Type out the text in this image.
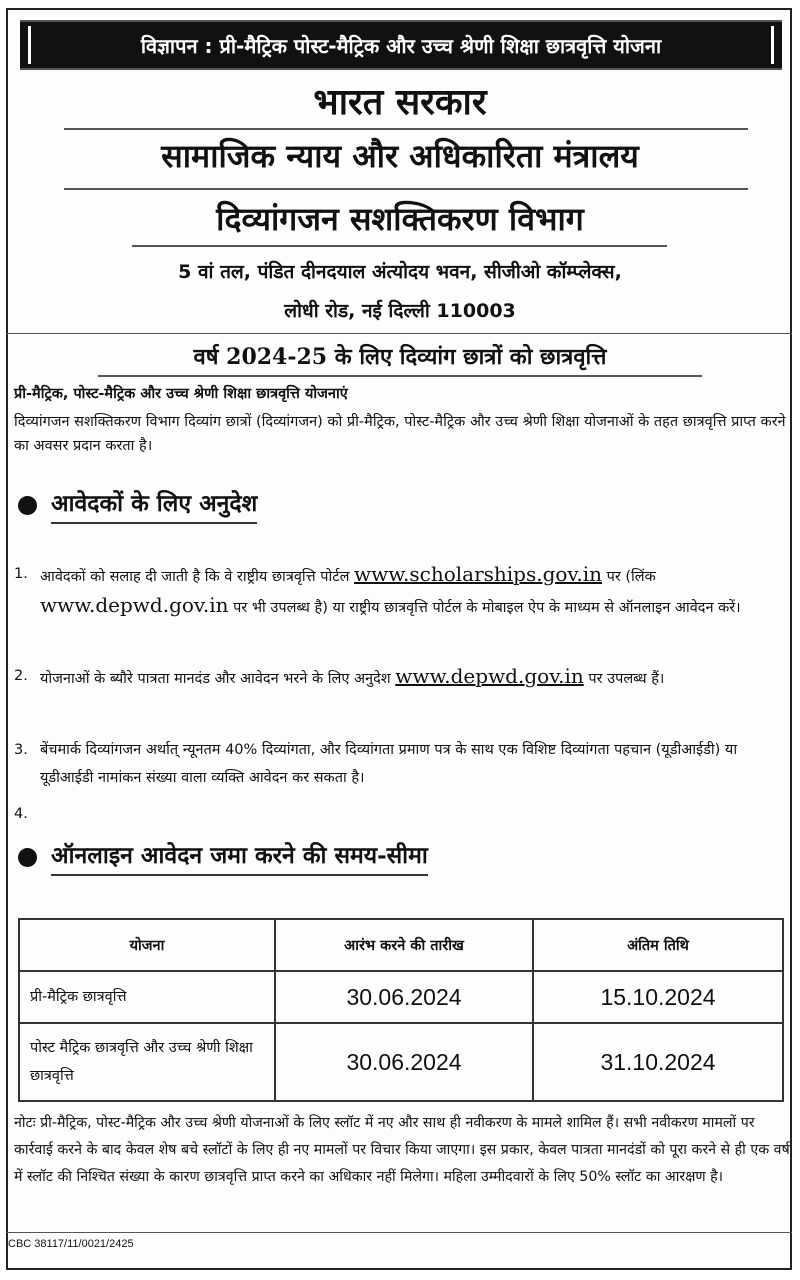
विज्ञापन : प्री-मैट्रिक पोस्ट-मैट्रिक और उच्च श्रेणी शिक्षा छात्रवृत्ति योजना
भारत सरकार
सामाजिक न्याय और अधिकारिता मंत्रालय
दिव्यांगजन सशक्तिकरण विभाग
5 वां तल, पंडित दीनदयाल अंत्योदय भवन, सीजीओ कॉम्प्लेक्स,
लोधी रोड, नई दिल्ली 110003
वर्ष 2024-25 के लिए दिव्यांग छात्रों को छात्रवृत्ति
प्री-मैट्रिक, पोस्ट-मैट्रिक और उच्च श्रेणी शिक्षा छात्रवृत्ति योजनाएं
दिव्यांगजन सशक्तिकरण विभाग दिव्यांग छात्रों (दिव्यांगजन) को प्री-मैट्रिक, पोस्ट-मैट्रिक और उच्च श्रेणी शिक्षा योजनाओं के तहत छात्रवृत्ति प्राप्त करने का अवसर प्रदान करता है।
आवेदकों के लिए अनुदेश
1. आवेदकों को सलाह दी जाती है कि वे राष्ट्रीय छात्रवृत्ति पोर्टल www.scholarships.gov.in पर (लिंक www.depwd.gov.in पर भी उपलब्ध है) या राष्ट्रीय छात्रवृत्ति पोर्टल के मोबाइल ऐप के माध्यम से ऑनलाइन आवेदन करें।
2. योजनाओं के ब्यौरे पात्रता मानदंड और आवेदन भरने के लिए अनुदेश www.depwd.gov.in पर उपलब्ध हैं।
3. बेंचमार्क दिव्यांगजन अर्थात् न्यूनतम 40% दिव्यांगता, और दिव्यांगता प्रमाण पत्र के साथ एक विशिष्ट दिव्यांगता पहचान (यूडीआईडी) या यूडीआईडी नामांकन संख्या वाला व्यक्ति आवेदन कर सकता है।
4.
ऑनलाइन आवेदन जमा करने की समय-सीमा
योजना	आरंभ करने की तारीख	अंतिम तिथि
प्री-मैट्रिक छात्रवृत्ति	30.06.2024	15.10.2024
पोस्ट मैट्रिक छात्रवृत्ति और उच्च श्रेणी शिक्षा छात्रवृत्ति	30.06.2024	31.10.2024
नोटः प्री-मैट्रिक, पोस्ट-मैट्रिक और उच्च श्रेणी योजनाओं के लिए स्लॉट में नए और साथ ही नवीकरण के मामले शामिल हैं। सभी नवीकरण मामलों पर कार्रवाई करने के बाद केवल शेष बचे स्लॉटों के लिए ही नए मामलों पर विचार किया जाएगा। इस प्रकार, केवल पात्रता मानदंडों को पूरा करने से ही एक वर्ष में स्लॉट की निश्चित संख्या के कारण छात्रवृत्ति प्राप्त करने का अधिकार नहीं मिलेगा। महिला उम्मीदवारों के लिए 50% स्लॉट का आरक्षण है।
CBC 38117/11/0021/2425
